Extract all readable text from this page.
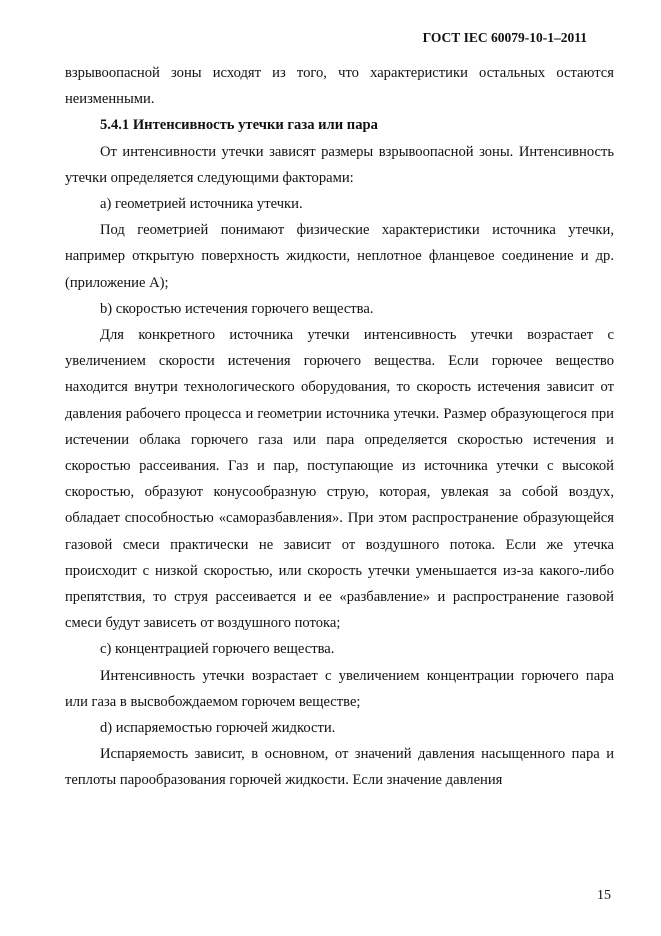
ГОСТ IEC 60079-10-1–2011

взрывоопасной зоны исходят из того, что характеристики остальных остаются неизменными.

5.4.1 Интенсивность утечки газа или пара

От интенсивности утечки зависят размеры взрывоопасной зоны. Интенсивность утечки определяется следующими факторами:

a) геометрией источника утечки.

Под геометрией понимают физические характеристики источника утечки, например открытую поверхность жидкости, неплотное фланцевое соединение и др. (приложение А);

b) скоростью истечения горючего вещества.

Для конкретного источника утечки интенсивность утечки возрастает с увеличением скорости истечения горючего вещества. Если горючее вещество находится внутри технологического оборудования, то скорость истечения зависит от давления рабочего процесса и геометрии источника утечки. Размер образующегося при истечении облака горючего газа или пара определяется скоростью истечения и скоростью рассеивания. Газ и пар, поступающие из источника утечки с высокой скоростью, образуют конусообразную струю, которая, увлекая за собой воздух, обладает способностью «саморазбавления». При этом распространение образующейся газовой смеси практически не зависит от воздушного потока. Если же утечка происходит с низкой скоростью, или скорость утечки уменьшается из-за какого-либо препятствия, то струя рассеивается и ее «разбавление» и распространение газовой смеси будут зависеть от воздушного потока;

c) концентрацией горючего вещества.

Интенсивность утечки возрастает с увеличением концентрации горючего пара или газа в высвобождаемом горючем веществе;

d) испаряемостью горючей жидкости.

Испаряемость зависит, в основном, от значений давления насыщенного пара и теплоты парообразования горючей жидкости. Если значение давления

15
